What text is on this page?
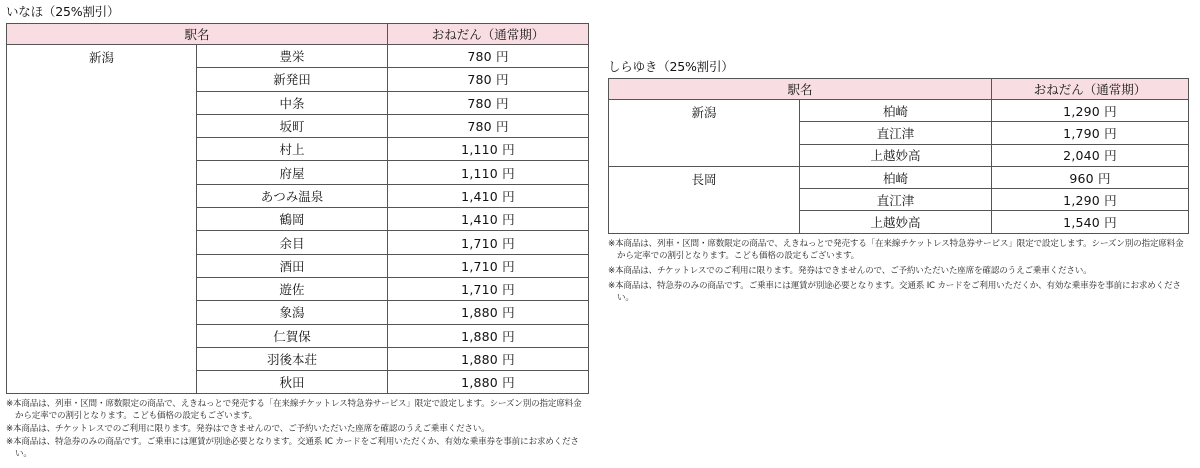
いなほ（25%割引）
駅名		おねだん（通常期）
新潟	豊栄	780 円
	新発田	780 円
	中条	780 円
	坂町	780 円
	村上	1,110 円
	府屋	1,110 円
	あつみ温泉	1,410 円
	鶴岡	1,410 円
	余目	1,710 円
	酒田	1,710 円
	遊佐	1,710 円
	象潟	1,880 円
	仁賀保	1,880 円
	羽後本荘	1,880 円
	秋田	1,880 円

※本商品は、列車・区間・席数限定の商品で、えきねっとで発売する「在来線チケットレス特急券サービス」限定で設定します。シーズン別の指定席料金から定率での割引となります。こども価格の設定もございます。

※本商品は、チケットレスでのご利用に限ります。発券はできませんので、ご予約いただいた座席を確認のうえご乗車ください。

※本商品は、特急券のみの商品です。ご乗車には運賃が別途必要となります。交通系 IC カードをご利用いただくか、有効な乗車券を事前にお求めください。

しらゆき（25%割引）
駅名		おねだん（通常期）
新潟	柏崎	1,290 円
	直江津	1,790 円
	上越妙高	2,040 円
長岡	柏崎	960 円
	直江津	1,290 円
	上越妙高	1,540 円

※本商品は、列車・区間・席数限定の商品で、えきねっとで発売する「在来線チケットレス特急券サービス」限定で設定します。シーズン別の指定席料金から定率での割引となります。こども価格の設定もございます。

※本商品は、チケットレスでのご利用に限ります。発券はできませんので、ご予約いただいた座席を確認のうえご乗車ください。

※本商品は、特急券のみの商品です。ご乗車には運賃が別途必要となります。交通系 IC カードをご利用いただくか、有効な乗車券を事前にお求めください。
